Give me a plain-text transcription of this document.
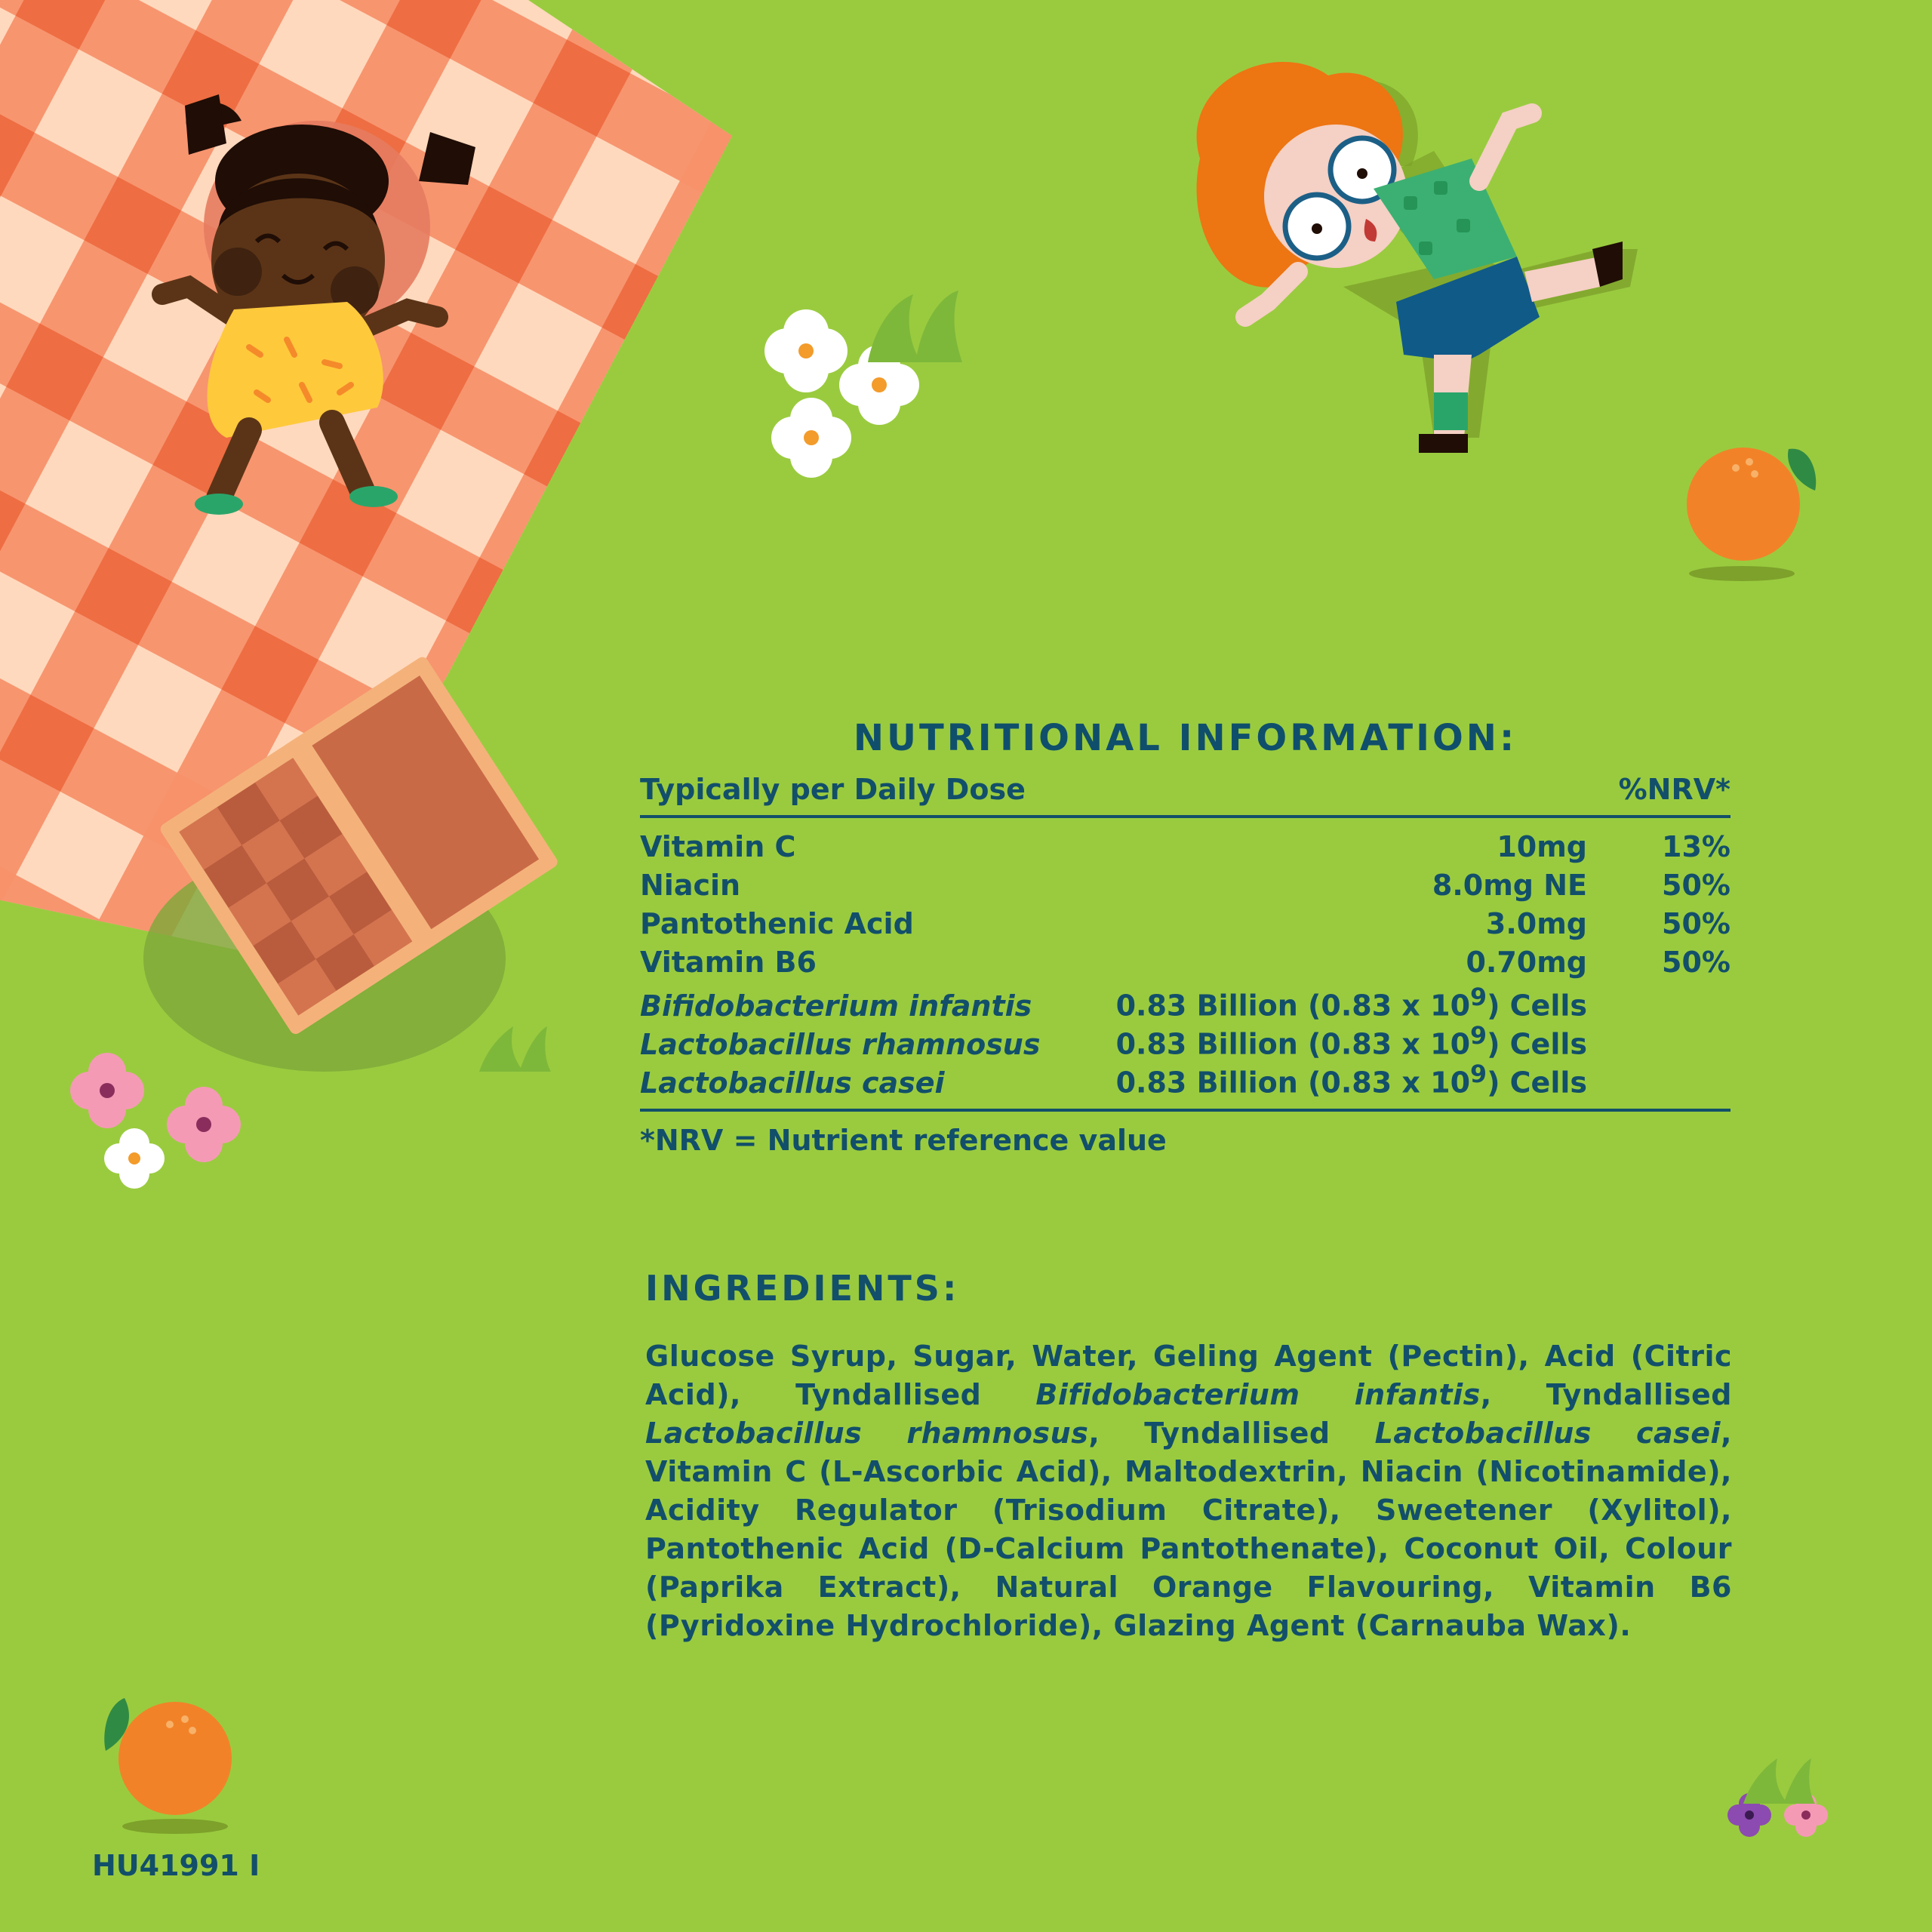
NUTRITIONAL INFORMATION:
Typically per Daily Dose	%NRV*
Vitamin C	10mg	13%
Niacin	8.0mg NE	50%
Pantothenic Acid	3.0mg	50%
Vitamin B6	0.70mg	50%
Bifidobacterium infantis	0.83 Billion (0.83 x $10^9$) Cells
Lactobacillus rhamnosus	0.83 Billion (0.83 x $10^9$) Cells
Lactobacillus casei	0.83 Billion (0.83 x $10^9$) Cells
*NRV = Nutrient reference value
INGREDIENTS:

Glucose Syrup, Sugar, Water, Geling Agent (Pectin), Acid (Citric Acid), Tyndallised Bifidobacterium infantis, Tyndallised Lactobacillus rhamnosus, Tyndallised Lactobacillus casei, Vitamin C (L-Ascorbic Acid), Maltodextrin, Niacin (Nicotinamide), Acidity Regulator (Trisodium Citrate), Sweetener (Xylitol), Pantothenic Acid (D-Calcium Pantothenate), Coconut Oil, Colour (Paprika Extract), Natural Orange Flavouring, Vitamin B6 (Pyridoxine Hydrochloride), Glazing Agent (Carnauba Wax).

HU41991 I
